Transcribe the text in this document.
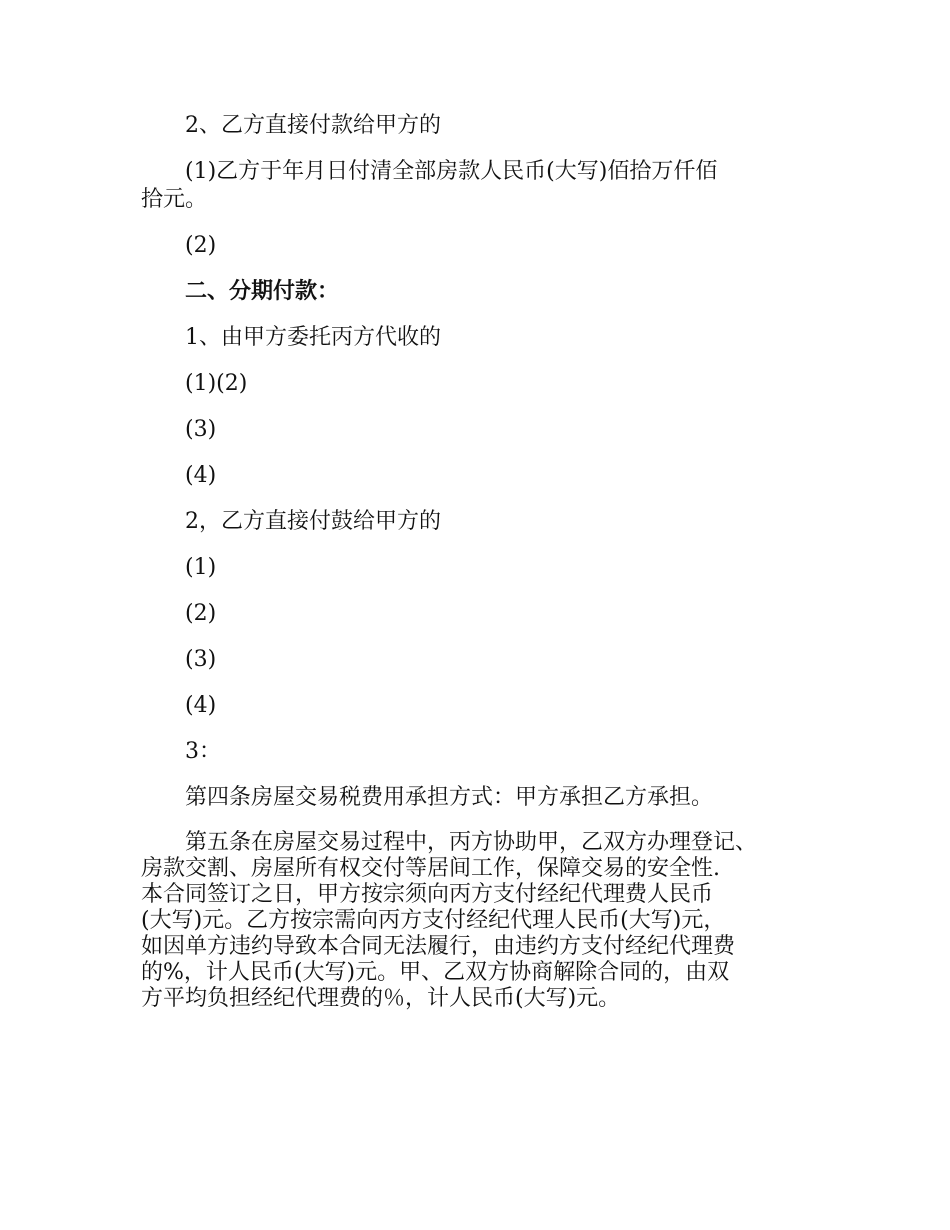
2、乙方直接付款给甲方的

(1)乙方于年月日付清全部房款人民币(大写)佰拾万仟佰
拾元。

(2)

二、分期付款：

1、由甲方委托丙方代收的

(1)(2)

(3)

(4)

2，乙方直接付鼓给甲方的

(1)

(2)

(3)

(4)

3：

第四条房屋交易税费用承担方式：甲方承担乙方承担。

第五条在房屋交易过程中，丙方协助甲，乙双方办理登记、
房款交割、房屋所有权交付等居间工作，保障交易的安全性.
本合同签订之日，甲方按宗须向丙方支付经纪代理费人民币
(大写)元。乙方按宗需向丙方支付经纪代理人民币(大写)元，
如因单方违约导致本合同无法履行，由违约方支付经纪代理费
的%，计人民币(大写)元。甲、乙双方协商解除合同的，由双
方平均负担经纪代理费的％，计人民币(大写)元。
